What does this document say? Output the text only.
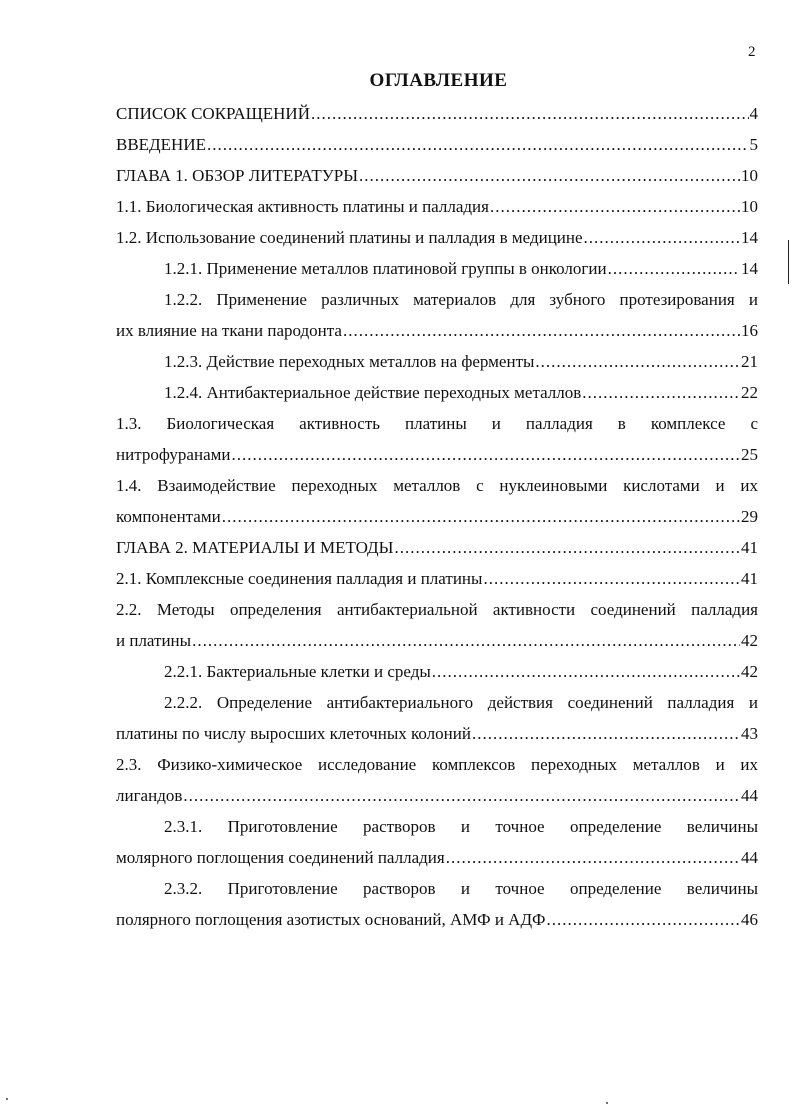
2
ОГЛАВЛЕНИЕ
СПИСОК СОКРАЩЕНИЙ .....	4
ВВЕДЕНИЕ .....	5
ГЛАВА 1. ОБЗОР ЛИТЕРАТУРЫ .....	10
1.1. Биологическая активность платины и палладия .....	10
1.2. Использование соединений платины и палладия в медицине .....	14
1.2.1. Применение металлов платиновой группы в онкологии .....	14
1.2.2. Применение различных материалов для зубного протезирования и
их влияние на ткани пародонта .....	16
1.2.3. Действие переходных металлов на ферменты .....	21
1.2.4. Антибактериальное действие переходных металлов .....	22
1.3. Биологическая активность платины и палладия в комплексе с
нитрофуранами .....	25
1.4. Взаимодействие переходных металлов с нуклеиновыми кислотами и их
компонентами .....	29
ГЛАВА 2. МАТЕРИАЛЫ И МЕТОДЫ .....	41
2.1. Комплексные соединения палладия и платины .....	41
2.2. Методы определения антибактериальной активности соединений палладия
и платины .....	42
2.2.1. Бактериальные клетки и среды .....	42
2.2.2. Определение антибактериального действия соединений палладия и
платины по числу выросших клеточных колоний .....	43
2.3. Физико-химическое исследование комплексов переходных металлов и их
лигандов .....	44
2.3.1. Приготовление растворов и точное определение величины
молярного поглощения соединений палладия .....	44
2.3.2. Приготовление растворов и точное определение величины
полярного поглощения азотистых оснований, АМФ и АДФ .....	46
